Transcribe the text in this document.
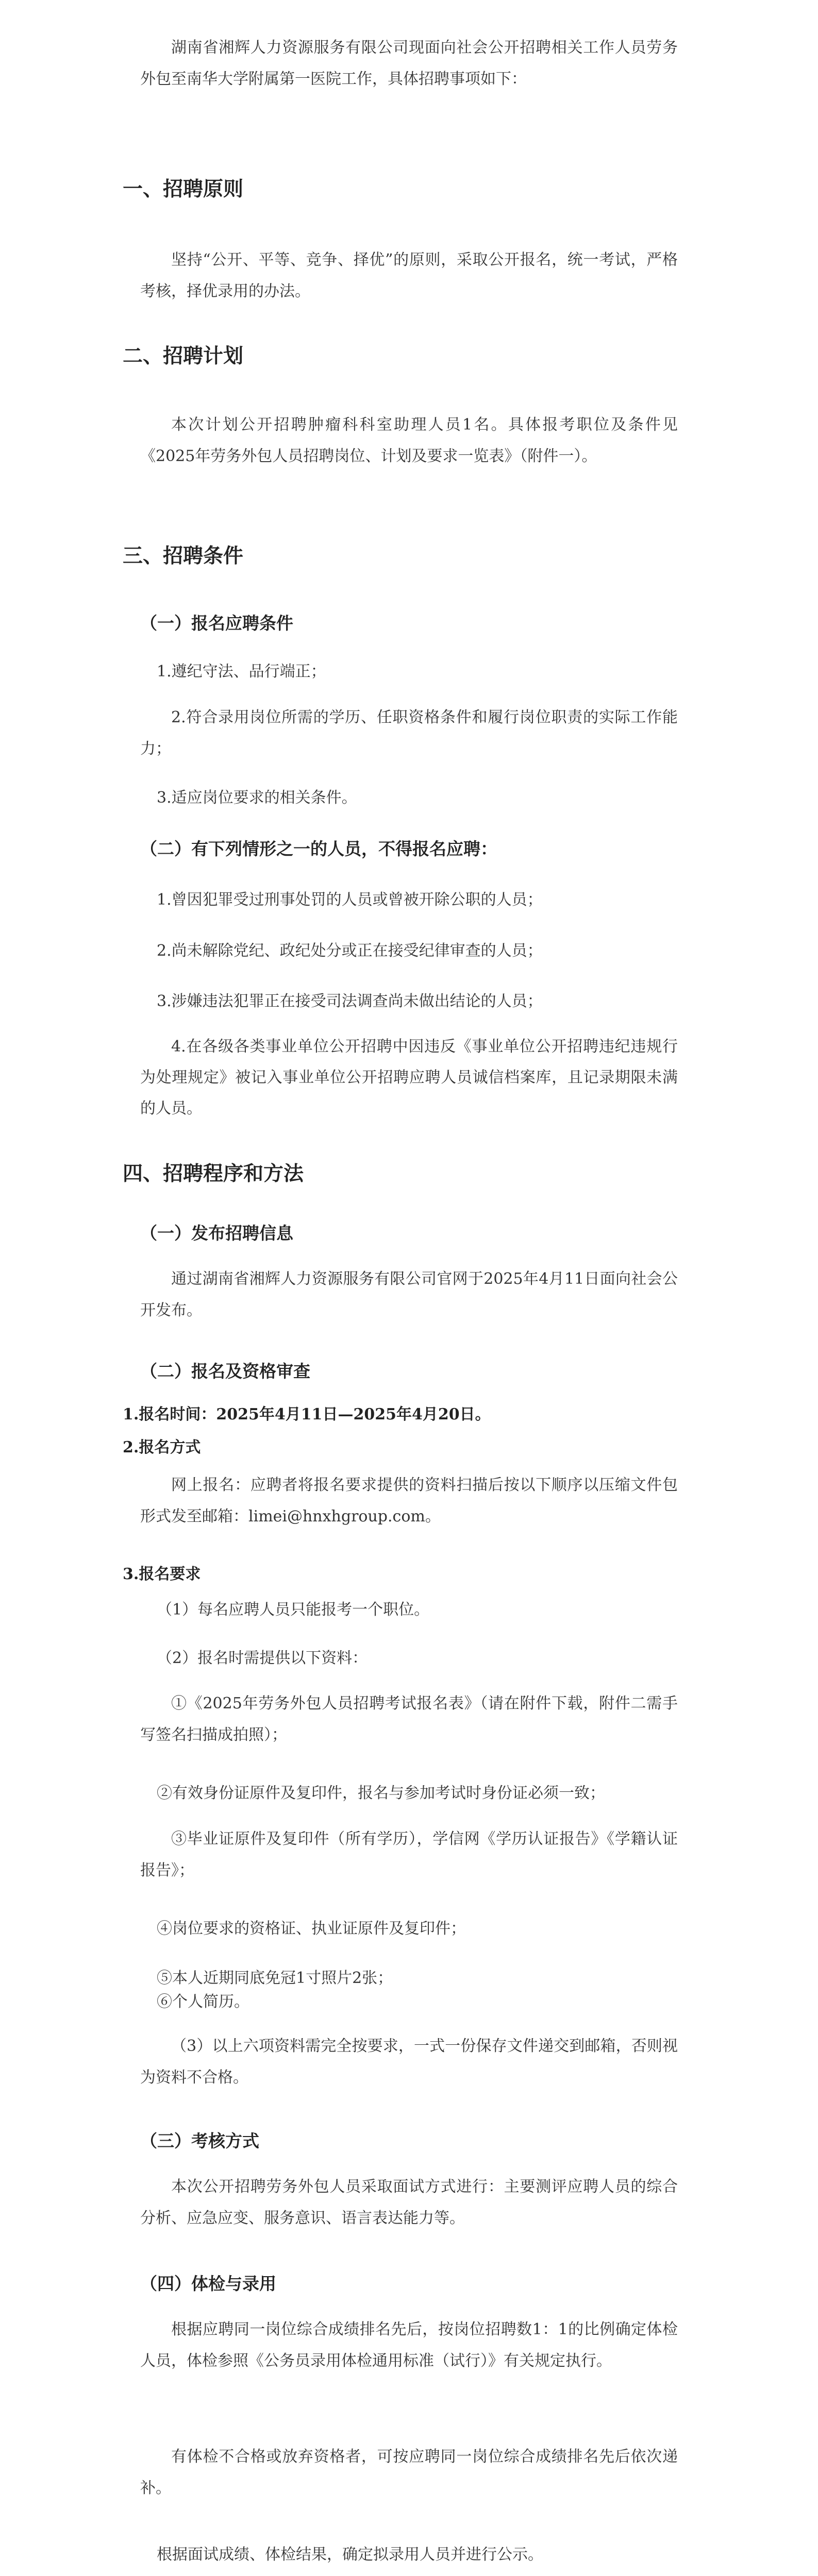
湖南省湘辉人力资源服务有限公司现面向社会公开招聘相关工作人员劳务外包至南华大学附属第一医院工作，具体招聘事项如下：

一、招聘原则

坚持“公开、平等、竞争、择优”的原则，采取公开报名，统一考试，严格考核，择优录用的办法。

二、招聘计划

本次计划公开招聘肿瘤科科室助理人员1名。具体报考职位及条件见《2025年劳务外包人员招聘岗位、计划及要求一览表》（附件一）。

三、招聘条件
（一）报名应聘条件

1.遵纪守法、品行端正；

2.符合录用岗位所需的学历、任职资格条件和履行岗位职责的实际工作能力；

3.适应岗位要求的相关条件。

（二）有下列情形之一的人员，不得报名应聘：

1.曾因犯罪受过刑事处罚的人员或曾被开除公职的人员；

2.尚未解除党纪、政纪处分或正在接受纪律审查的人员；

3.涉嫌违法犯罪正在接受司法调查尚未做出结论的人员；

4.在各级各类事业单位公开招聘中因违反《事业单位公开招聘违纪违规行为处理规定》被记入事业单位公开招聘应聘人员诚信档案库，且记录期限未满的人员。

四、招聘程序和方法
（一）发布招聘信息

通过湖南省湘辉人力资源服务有限公司官网于2025年4月11日面向社会公开发布。

（二）报名及资格审查

1.报名时间：2025年4月11日—2025年4月20日。

2.报名方式

网上报名：应聘者将报名要求提供的资料扫描后按以下顺序以压缩文件包形式发至邮箱：limei@hnxhgroup.com。

3.报名要求

（1）每名应聘人员只能报考一个职位。

（2）报名时需提供以下资料：

①《2025年劳务外包人员招聘考试报名表》（请在附件下载，附件二需手写签名扫描成拍照）；

②有效身份证原件及复印件，报名与参加考试时身份证必须一致；

③毕业证原件及复印件（所有学历），学信网《学历认证报告》《学籍认证报告》；

④岗位要求的资格证、执业证原件及复印件；

⑤本人近期同底免冠1寸照片2张；

⑥个人简历。

（3）以上六项资料需完全按要求，一式一份保存文件递交到邮箱，否则视为资料不合格。

（三）考核方式

本次公开招聘劳务外包人员采取面试方式进行：主要测评应聘人员的综合分析、应急应变、服务意识、语言表达能力等。

（四）体检与录用

根据应聘同一岗位综合成绩排名先后，按岗位招聘数1：1的比例确定体检人员，体检参照《公务员录用体检通用标准（试行）》有关规定执行。

有体检不合格或放弃资格者，可按应聘同一岗位综合成绩排名先后依次递补。

根据面试成绩、体检结果，确定拟录用人员并进行公示。
